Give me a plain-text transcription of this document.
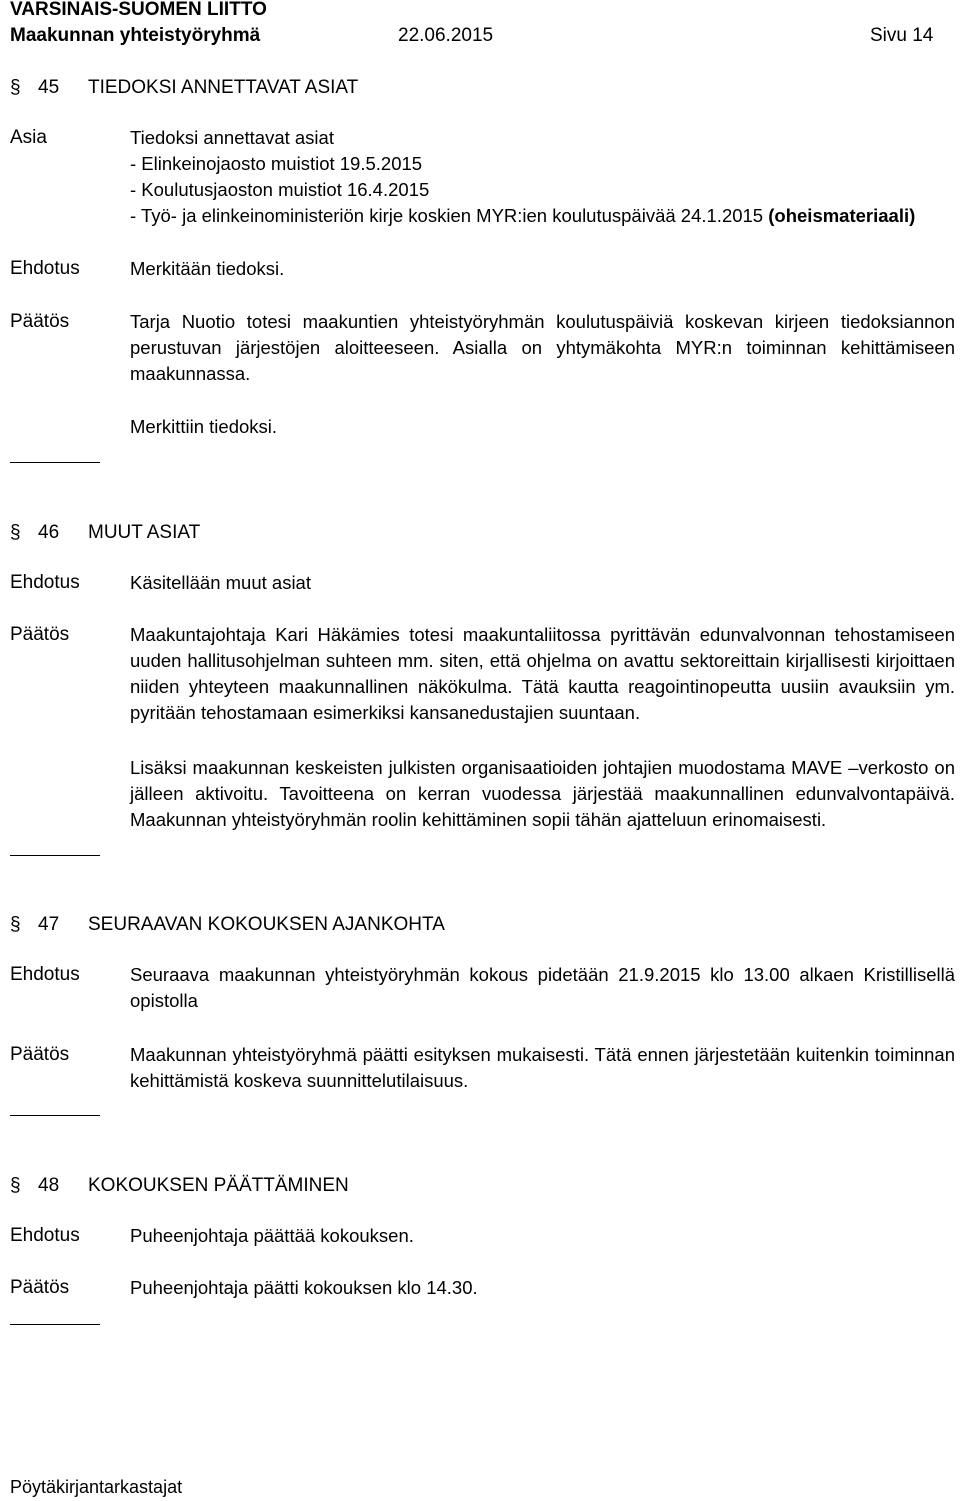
VARSINAIS-SUOMEN LIITTO
Maakunnan yhteistyöryhmä	22.06.2015	Sivu 14
§ 45 TIEDOKSI ANNETTAVAT ASIAT
Asia	Tiedoksi annettavat asiat
- Elinkeinojaosto muistiot 19.5.2015
- Koulutusjaoston muistiot 16.4.2015
- Työ- ja elinkeinoministeriön kirje koskien MYR:ien koulutuspäivää 24.1.2015 (oheismateriaali)
Ehdotus	Merkitään tiedoksi.
Päätös	Tarja Nuotio totesi maakuntien yhteistyöryhmän koulutuspäiviä koskevan kirjeen tiedoksiannon perustuvan järjestöjen aloitteeseen. Asialla on yhtymäkohta MYR:n toiminnan kehittämiseen maakunnassa.
Merkittiin tiedoksi.
§ 46 MUUT ASIAT
Ehdotus	Käsitellään muut asiat
Päätös	Maakuntajohtaja Kari Häkämies totesi maakuntaliitossa pyrittävän edunvalvonnan tehostamiseen uuden hallitusohjelman suhteen mm. siten, että ohjelma on avattu sektoreittain kirjallisesti kirjoittaen niiden yhteyteen maakunnallinen näkökulma. Tätä kautta reagointinopeutta uusiin avauksiin ym. pyritään tehostamaan esimerkiksi kansanedustajien suuntaan.
Lisäksi maakunnan keskeisten julkisten organisaatioiden johtajien muodostama MAVE –verkosto on jälleen aktivoitu. Tavoitteena on kerran vuodessa järjestää maakunnallinen edunvalvontapäivä. Maakunnan yhteistyöryhmän roolin kehittäminen sopii tähän ajatteluun erinomaisesti.
§ 47 SEURAAVAN KOKOUKSEN AJANKOHTA
Ehdotus	Seuraava maakunnan yhteistyöryhmän kokous pidetään 21.9.2015 klo 13.00 alkaen Kristillisellä opistolla
Päätös	Maakunnan yhteistyöryhmä päätti esityksen mukaisesti. Tätä ennen järjestetään kuitenkin toiminnan kehittämistä koskeva suunnittelutilaisuus.
§ 48 KOKOUKSEN PÄÄTTÄMINEN
Ehdotus	Puheenjohtaja päättää kokouksen.
Päätös	Puheenjohtaja päätti kokouksen klo 14.30.
Pöytäkirjantarkastajat
